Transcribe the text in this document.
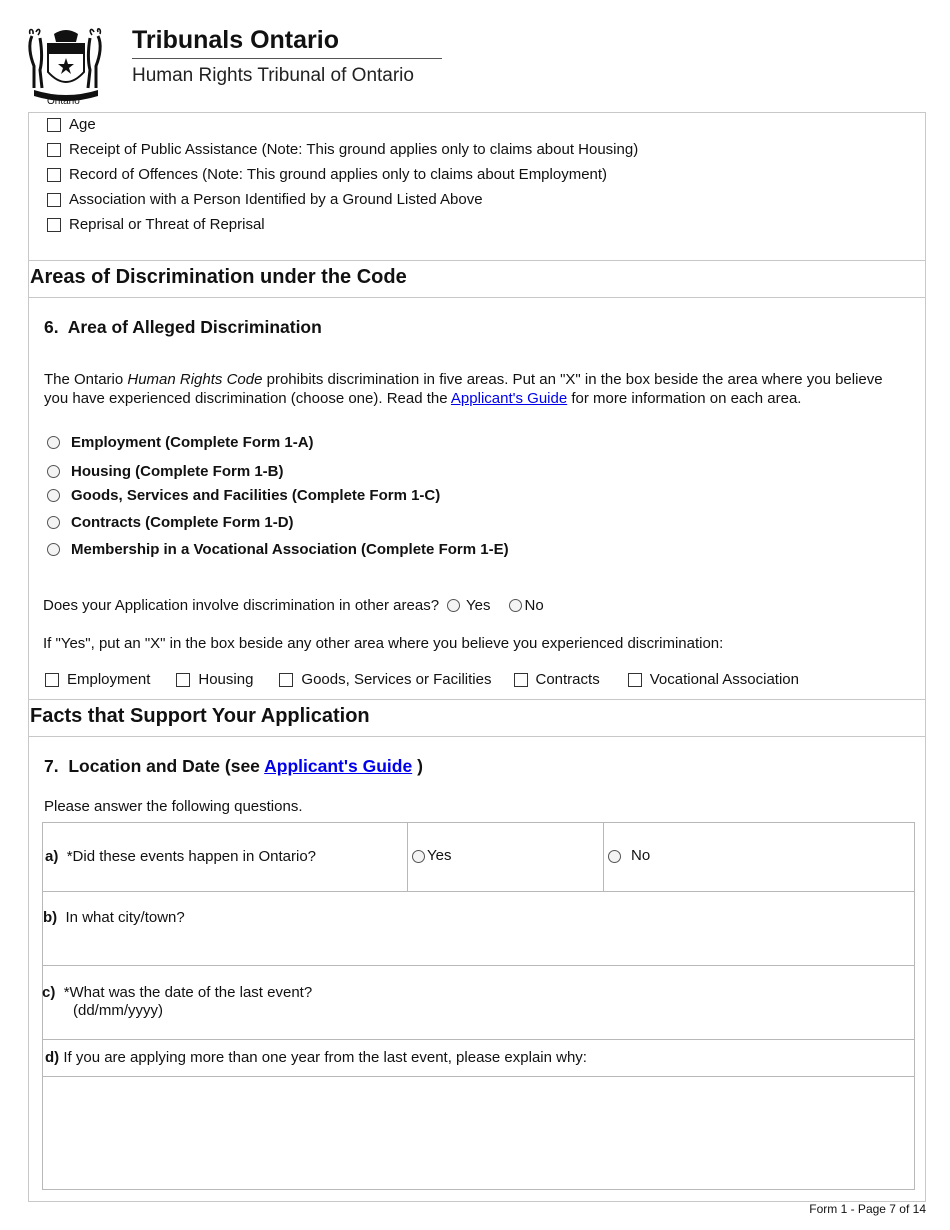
Ontario
Tribunals Ontario
Human Rights Tribunal of Ontario
Age
Receipt of Public Assistance (Note: This ground applies only to claims about Housing)
Record of Offences (Note: This ground applies only to claims about Employment)
Association with a Person Identified by a Ground Listed Above
Reprisal or Threat of Reprisal
Areas of Discrimination under the Code
6. Area of Alleged Discrimination
The Ontario Human Rights Code prohibits discrimination in five areas. Put an "X" in the box beside the area where you believe you have experienced discrimination (choose one). Read the Applicant's Guide for more information on each area.
Employment (Complete Form 1-A)
Housing (Complete Form 1-B)
Goods, Services and Facilities (Complete Form 1-C)
Contracts (Complete Form 1-D)
Membership in a Vocational Association (Complete Form 1-E)
Does your Application involve discrimination in other areas? Yes No
If "Yes", put an "X" in the box beside any other area where you believe you experienced discrimination:
Employment	Housing	Goods, Services or Facilities	Contracts	Vocational Association
Facts that Support Your Application
7. Location and Date (see Applicant's Guide )
Please answer the following questions.
a) *Did these events happen in Ontario?	Yes	No
b) In what city/town?
c) *What was the date of the last event?
(dd/mm/yyyy)
d) If you are applying more than one year from the last event, please explain why:
Form 1 - Page 7 of 14
